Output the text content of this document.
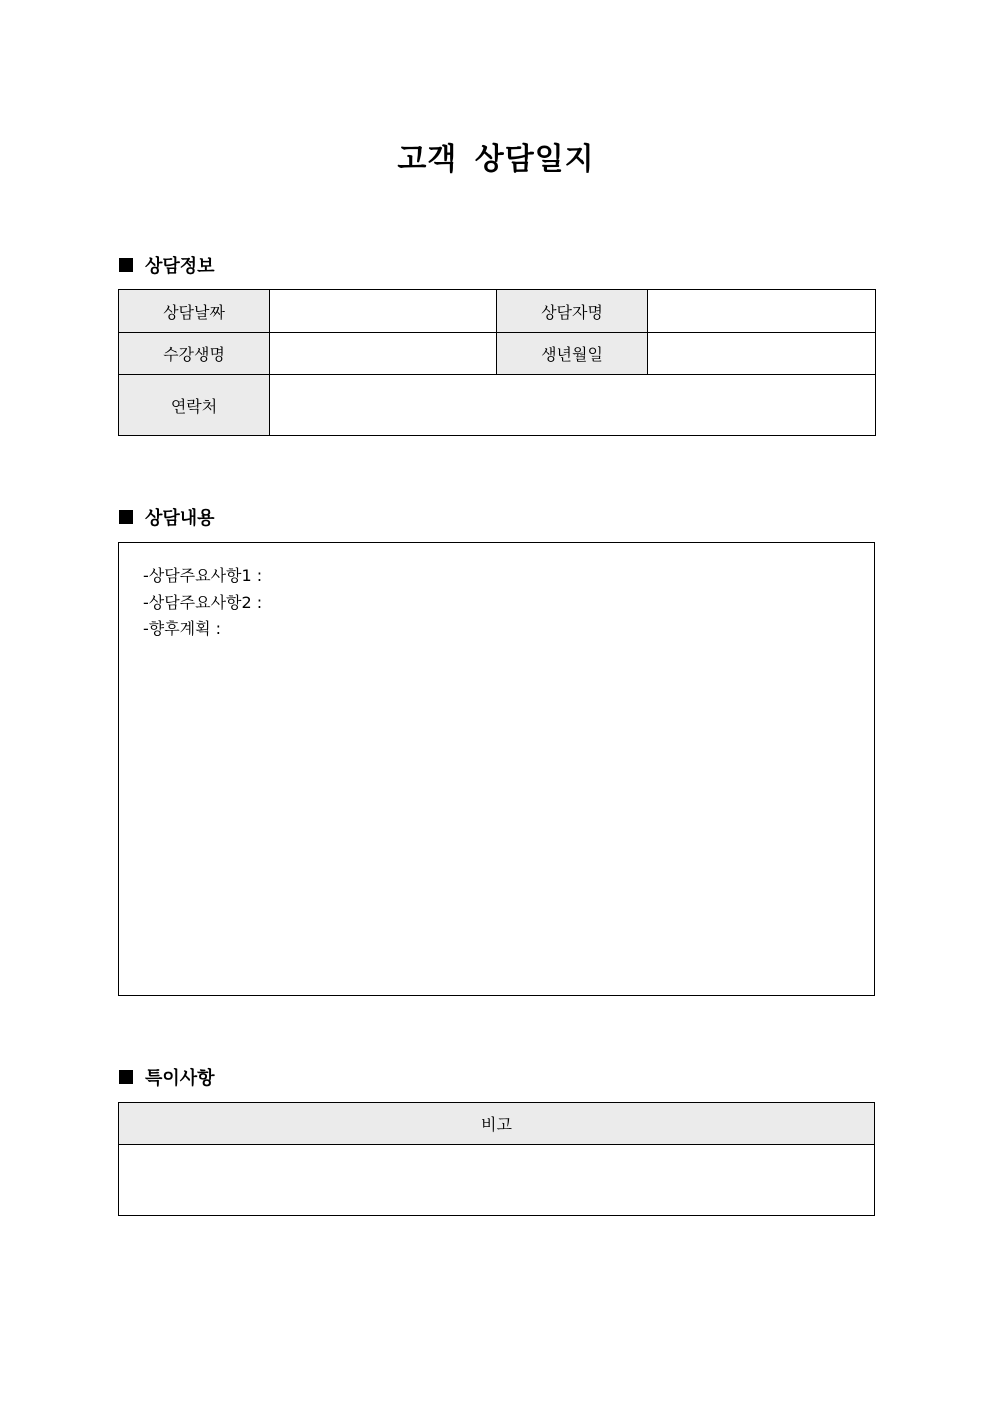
고객 상담일지
상담정보
상담날짜		상담자명	
수강생명		생년월일	
연락처			
상담내용
-상담주요사항1 :
-상담주요사항2 :
-향후계획 :
특이사항
비고
